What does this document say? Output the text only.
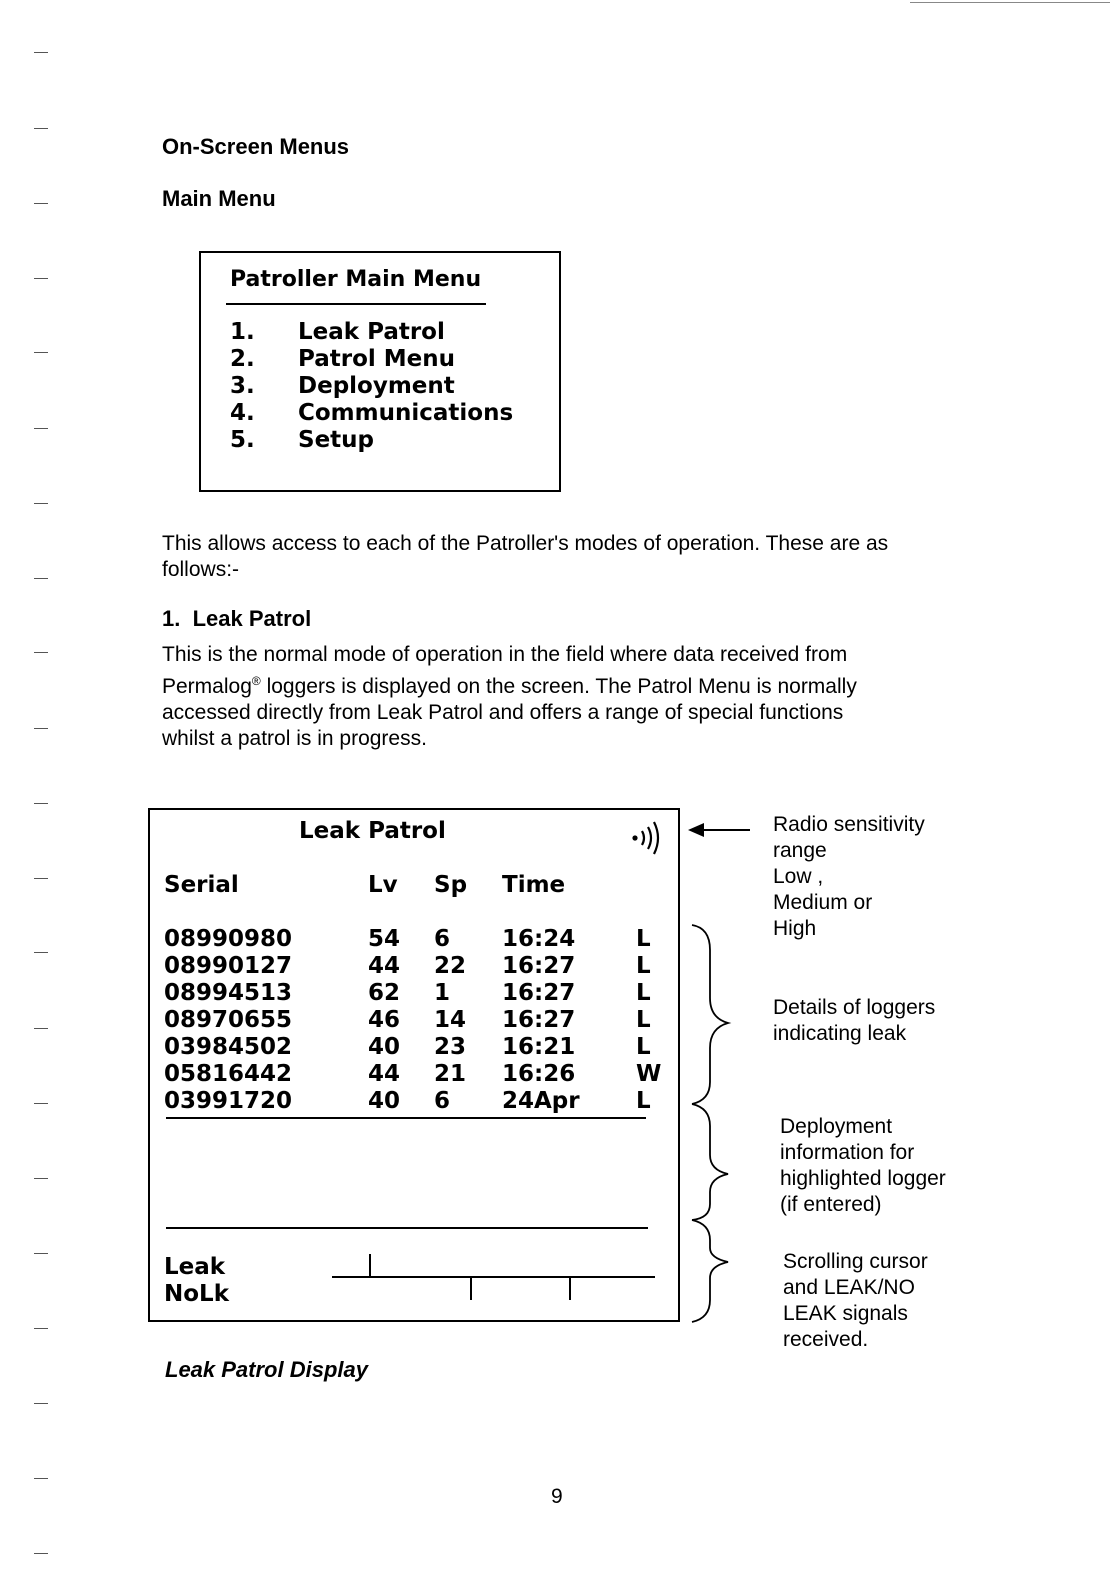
On-Screen Menus
Main Menu
Patroller Main Menu
1. Leak Patrol
2. Patrol Menu
3. Deployment
4. Communications
5. Setup
This allows access to each of the Patroller's modes of operation. These are as follows:-
1.  Leak Patrol
This is the normal mode of operation in the field where data received from
Permalog® loggers is displayed on the screen. The Patrol Menu is normally
accessed directly from Leak Patrol and offers a range of special functions
whilst a patrol is in progress.
Leak Patrol
Serial	Lv Sp Time
08990980	54 6 16:24	L
08990127	44 22 16:27	L
08994513	62 1 16:27	L
08970655	46 14 16:27	L
03984502	40 23 16:21	L
05816442	44 21 16:26	W
03991720	40 6 24Apr L
Leak
NoLk
Radio sensitivity
range
Low ,
Medium or
High
Details of loggers
indicating leak
Deployment
information for
highlighted logger
(if entered)
Scrolling cursor
and LEAK/NO
LEAK signals
received.
Leak Patrol Display
9
